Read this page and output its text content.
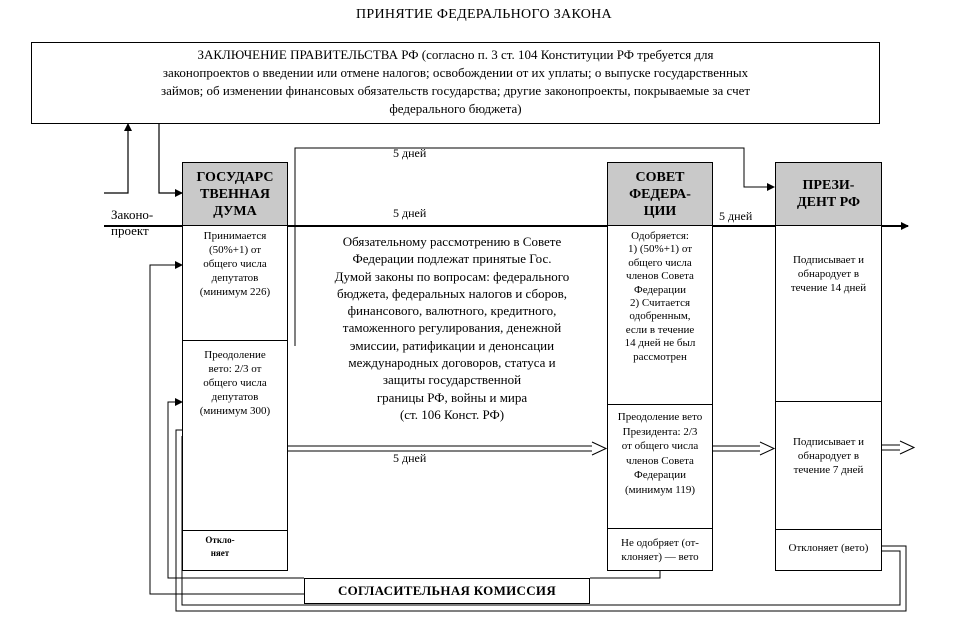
ПРИНЯТИЕ ФЕДЕРАЛЬНОГО ЗАКОНА
ЗАКЛЮЧЕНИЕ ПРАВИТЕЛЬСТВА РФ (согласно п. 3 ст. 104 Конституции РФ требуется для
законопроектов о введении или отмене налогов; освобождении от их уплаты; о выпуске государственных
займов; об изменении финансовых обязательств государства; другие законопроекты, покрываемые за счет
федерального бюджета)
Законо-
проект
ГОСУДАРС
ТВЕННАЯ
ДУМА
Принимается
(50%+1) от
общего числа
депутатов
(минимум 226)
Преодоление
вето: 2/3 от
общего числа
депутатов
(минимум 300)
Откло-
няет
Обязательному рассмотрению в Совете
Федерации подлежат принятые Гос.
Думой законы по вопросам: федерального
бюджета, федеральных налогов и сборов,
финансового, валютного, кредитного,
таможенного регулирования, денежной
эмиссии, ратификации и денонсации
международных договоров, статуса и
защиты государственной
границы РФ, войны и мира
(ст. 106 Конст. РФ)
5 дней
5 дней	5 дней
5 дней
СОВЕТ
ФЕДЕРА-
ЦИИ
Одобряется:
1) (50%+1) от
общего числа
членов Совета
Федерации
2) Считается
одобренным,
если в течение
14 дней не был
рассмотрен
Преодоление вето
Президента: 2/3
от общего числа
членов Совета
Федерации
(минимум 119)
Не одобряет (от-
клоняет) — вето
ПРЕЗИ-
ДЕНТ РФ
Подписывает и
обнародует в
течение 14 дней
Подписывает и
обнародует в
течение 7 дней
Отклоняет (вето)
СОГЛАСИТЕЛЬНАЯ КОМИССИЯ
